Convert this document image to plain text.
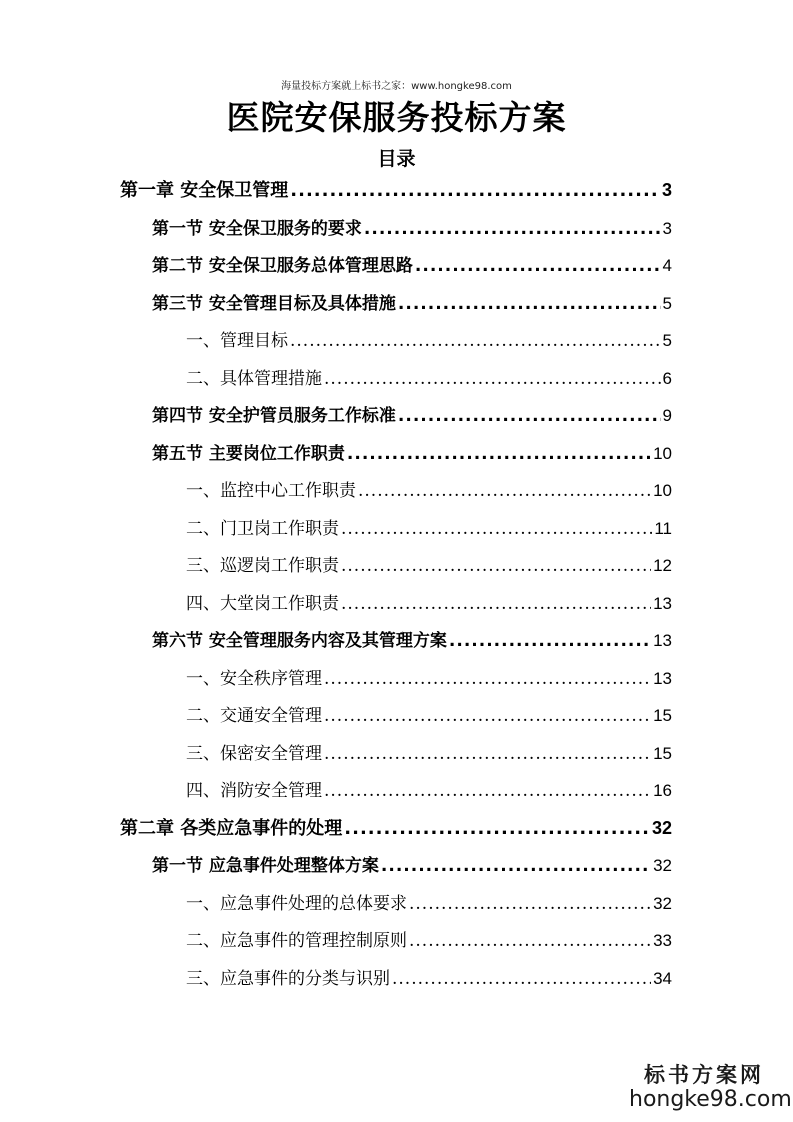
海量投标方案就上标书之家：www.hongke98.com
医院安保服务投标方案
目录
第一章 安全保卫管理 .....	3
第一节 安全保卫服务的要求 .....	3
第二节 安全保卫服务总体管理思路 .....	4
第三节 安全管理目标及具体措施 .....	5
一、管理目标 .....	5
二、具体管理措施 .....	6
第四节 安全护管员服务工作标准 .....	9
第五节 主要岗位工作职责 .....	10
一、监控中心工作职责 .....	10
二、门卫岗工作职责 .....	11
三、巡逻岗工作职责 .....	12
四、大堂岗工作职责 .....	13
第六节 安全管理服务内容及其管理方案 .....	13
一、安全秩序管理 .....	13
二、交通安全管理 .....	15
三、保密安全管理 .....	15
四、消防安全管理 .....	16
第二章 各类应急事件的处理 .....	32
第一节 应急事件处理整体方案 .....	32
一、应急事件处理的总体要求 .....	32
二、应急事件的管理控制原则 .....	33
三、应急事件的分类与识别 .....	34
标书方案网
hongke98.com
